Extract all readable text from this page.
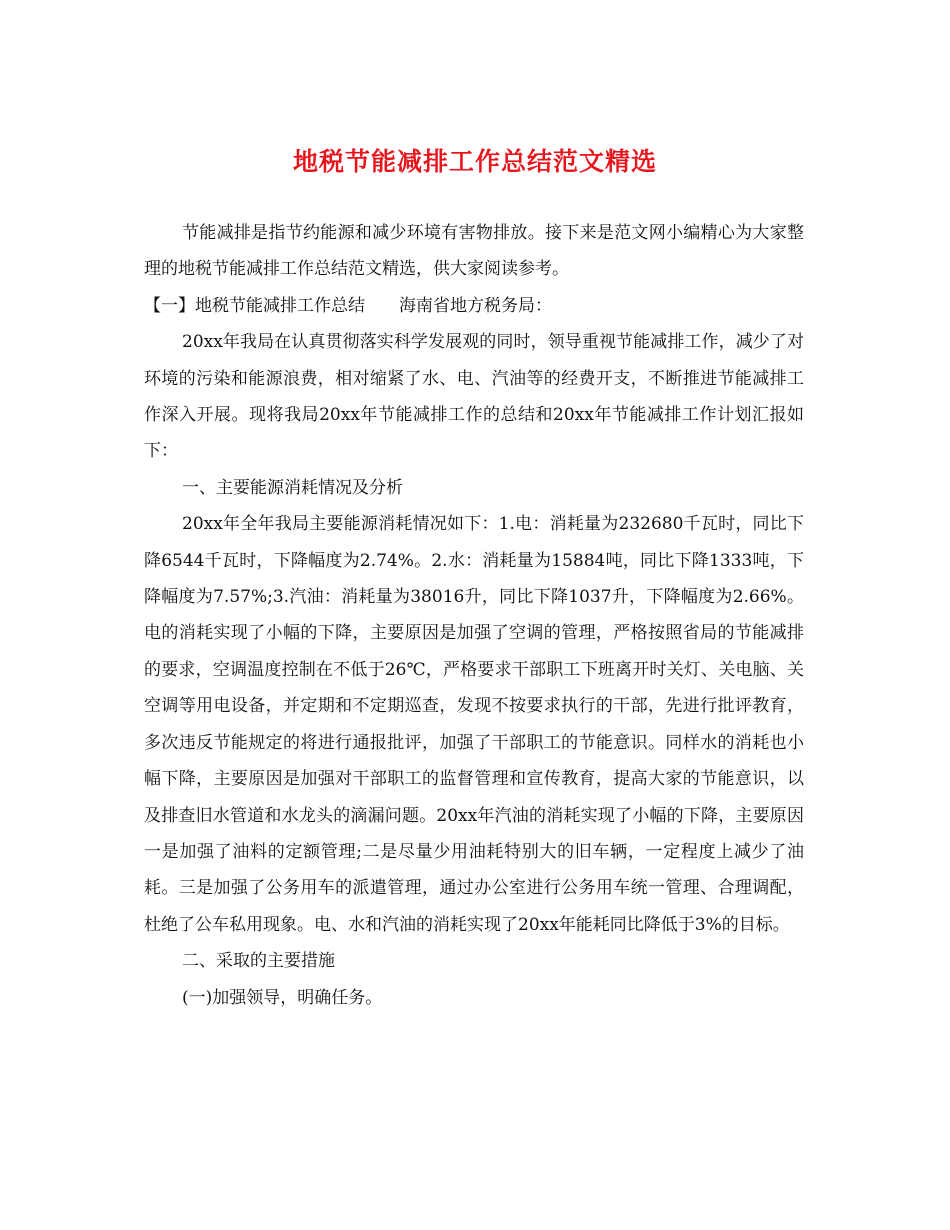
地税节能减排工作总结范文精选

节能减排是指节约能源和减少环境有害物排放。接下来是范文网小编精心为大家整理的地税节能减排工作总结范文精选，供大家阅读参考。

【一】地税节能减排工作总结　　海南省地方税务局：

20xx年我局在认真贯彻落实科学发展观的同时，领导重视节能减排工作，减少了对环境的污染和能源浪费，相对缩紧了水、电、汽油等的经费开支，不断推进节能减排工作深入开展。现将我局20xx年节能减排工作的总结和20xx年节能减排工作计划汇报如下：

一、主要能源消耗情况及分析

20xx年全年我局主要能源消耗情况如下：1.电：消耗量为232680千瓦时，同比下降6544千瓦时，下降幅度为2.74%。2.水：消耗量为15884吨，同比下降1333吨，下降幅度为7.57%;3.汽油：消耗量为38016升，同比下降1037升，下降幅度为2.66%。电的消耗实现了小幅的下降，主要原因是加强了空调的管理，严格按照省局的节能减排的要求，空调温度控制在不低于26℃，严格要求干部职工下班离开时关灯、关电脑、关空调等用电设备，并定期和不定期巡查，发现不按要求执行的干部，先进行批评教育，多次违反节能规定的将进行通报批评，加强了干部职工的节能意识。同样水的消耗也小幅下降，主要原因是加强对干部职工的监督管理和宣传教育，提高大家的节能意识，以及排查旧水管道和水龙头的滴漏问题。20xx年汽油的消耗实现了小幅的下降，主要原因一是加强了油料的定额管理;二是尽量少用油耗特别大的旧车辆，一定程度上减少了油耗。三是加强了公务用车的派遣管理，通过办公室进行公务用车统一管理、合理调配，杜绝了公车私用现象。电、水和汽油的消耗实现了20xx年能耗同比降低于3%的目标。

二、采取的主要措施

(一)加强领导，明确任务。
